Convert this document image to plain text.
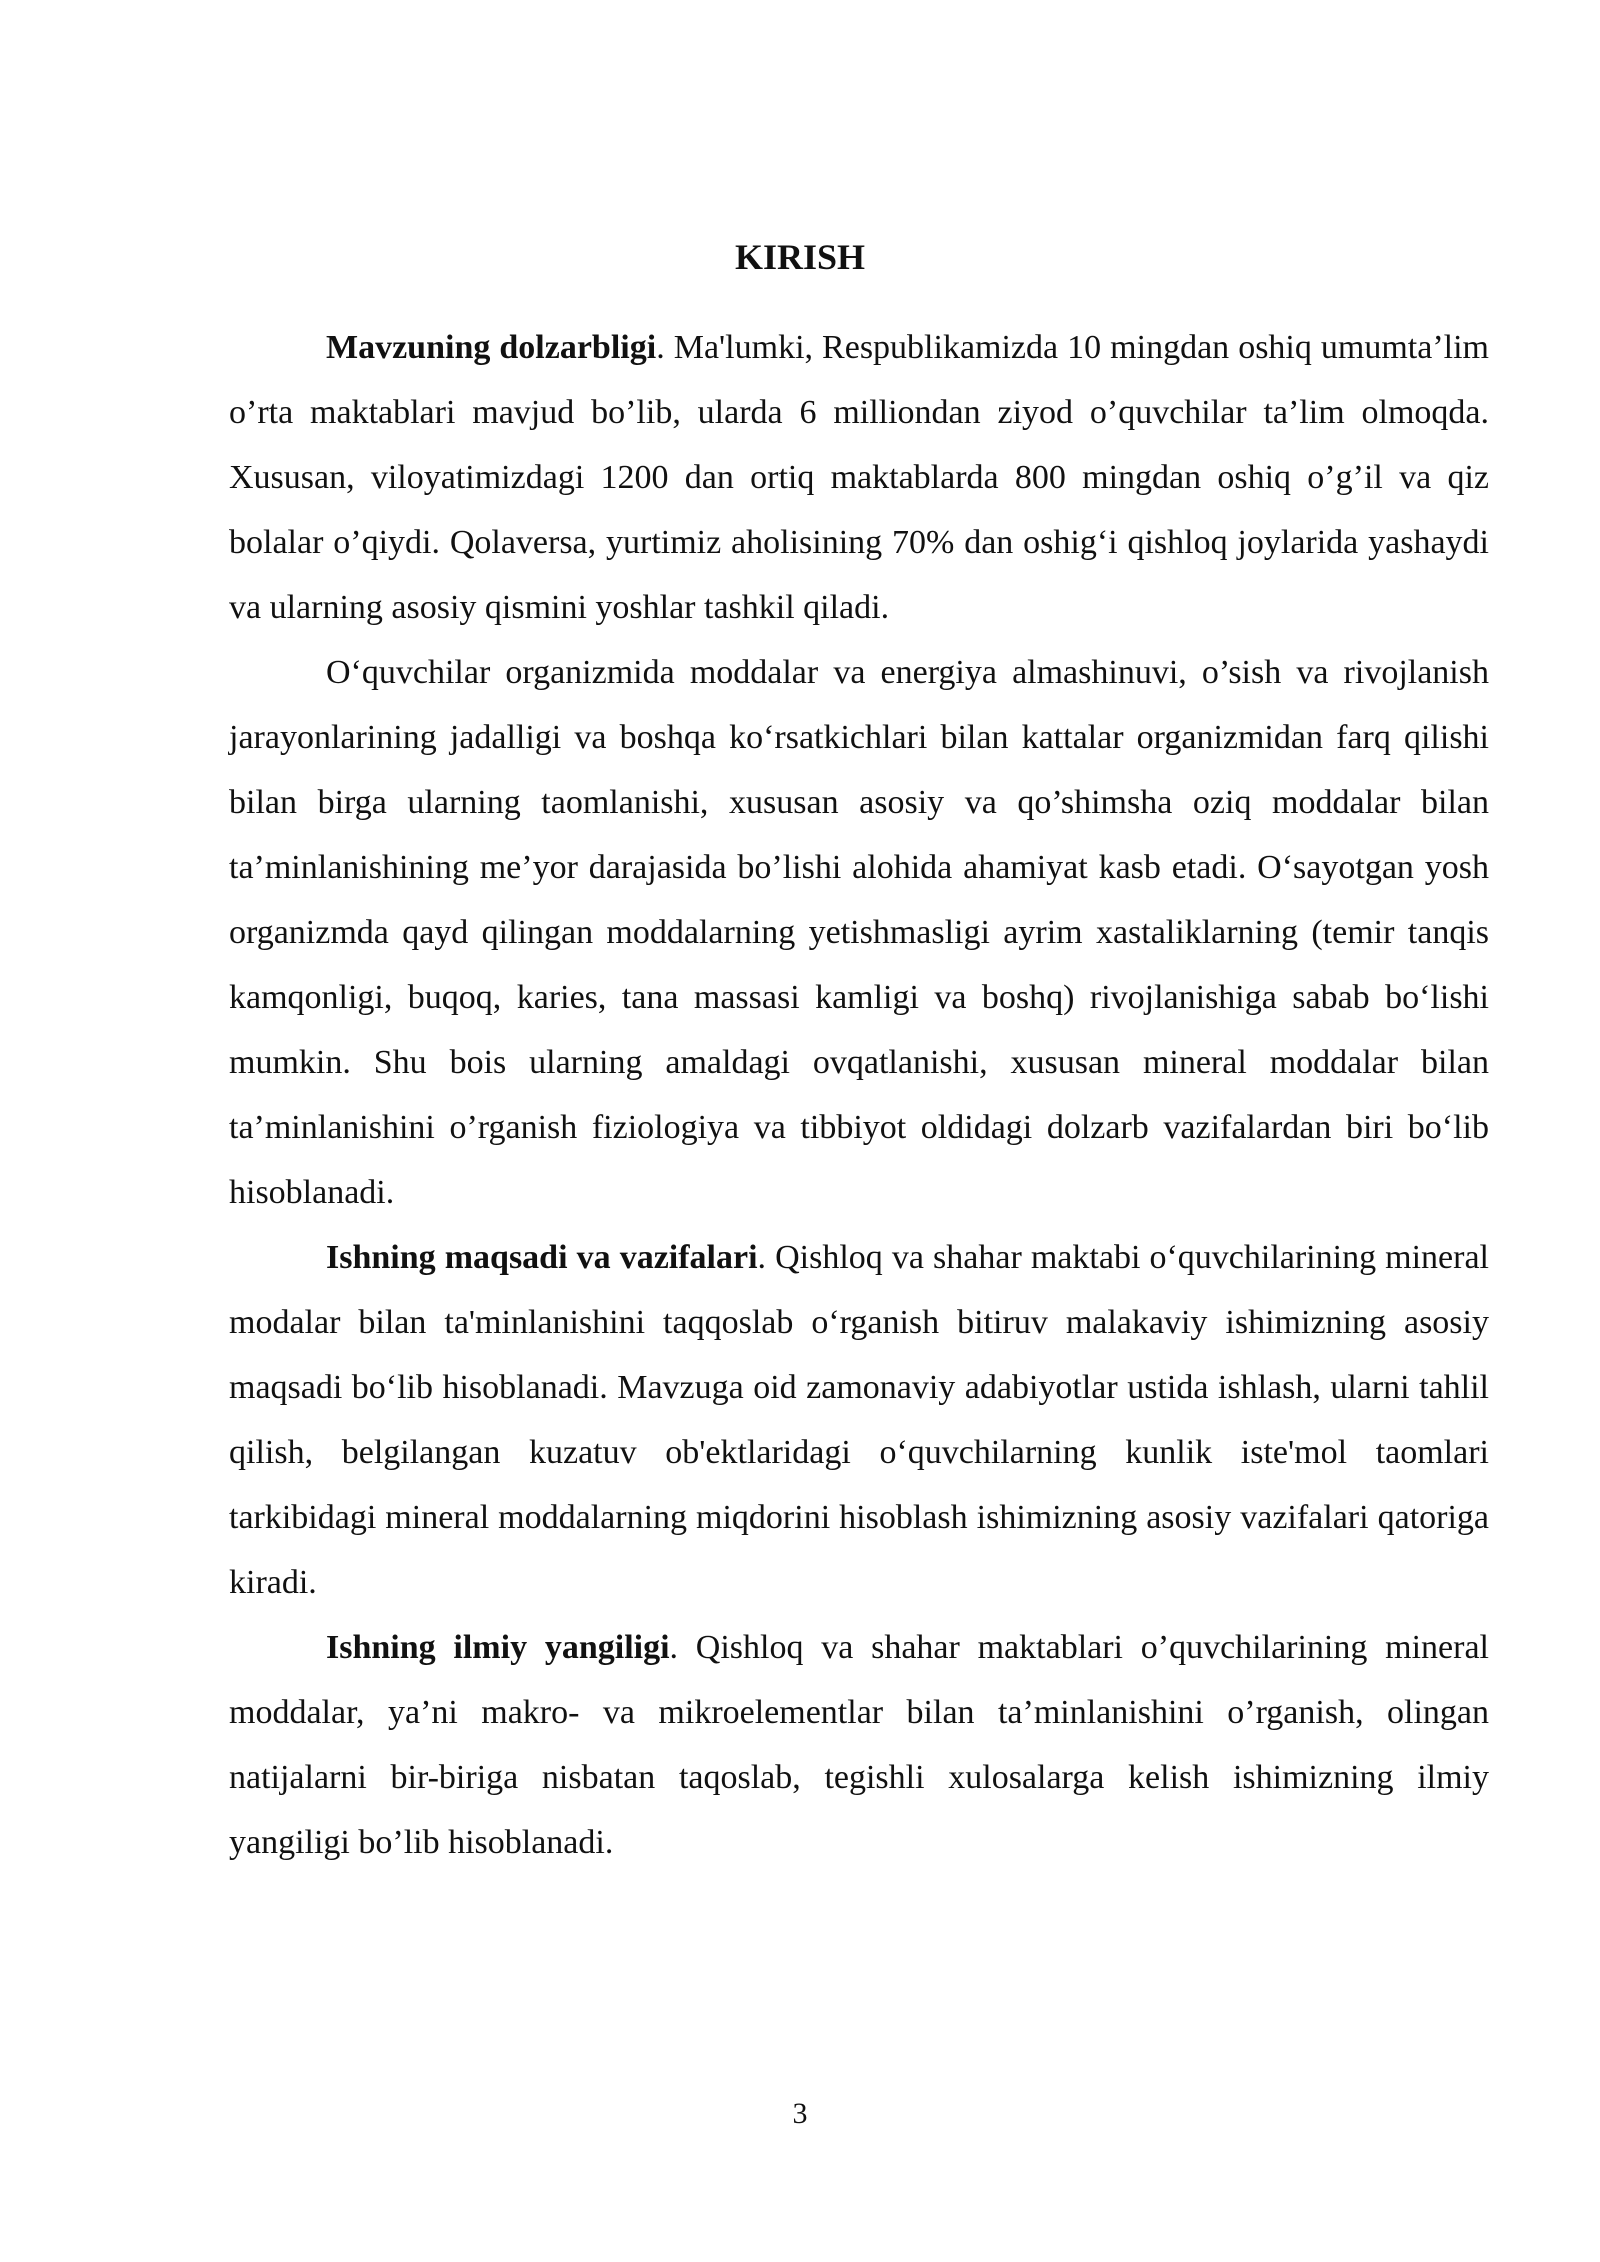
KIRISH

Mavzuning dolzarbligi. Ma'lumki, Respublikamizda 10 mingdan oshiq umumta’lim o’rta maktablari mavjud bo’lib, ularda 6 milliondan ziyod o’quvchilar ta’lim olmoqda. Xususan, viloyatimizdagi 1200 dan ortiq maktablarda 800 mingdan oshiq o’g’il va qiz bolalar o’qiydi. Qolaversa, yurtimiz aholisining 70% dan oshig‘i qishloq joylarida yashaydi va ularning asosiy qismini yoshlar tashkil qiladi.

O‘quvchilar organizmida moddalar va energiya almashinuvi, o’sish va rivojlanish jarayonlarining jadalligi va boshqa ko‘rsatkichlari bilan kattalar organizmidan farq qilishi bilan birga ularning taomlanishi, xususan asosiy va qo’shimsha oziq moddalar bilan ta’minlanishining me’yor darajasida bo’lishi alohida ahamiyat kasb etadi. O‘sayotgan yosh organizmda qayd qilingan moddalarning yetishmasligi ayrim xastaliklarning (temir tanqis kamqonligi, buqoq, karies, tana massasi kamligi va boshq) rivojlanishiga sabab bo‘lishi mumkin. Shu bois ularning amaldagi ovqatlanishi, xususan mineral moddalar bilan ta’minlanishini o’rganish fiziologiya va tibbiyot oldidagi dolzarb vazifalardan biri bo‘lib hisoblanadi.

Ishning maqsadi va vazifalari. Qishloq va shahar maktabi o‘quvchilarining mineral modalar bilan ta'minlanishini taqqoslab o‘rganish bitiruv malakaviy ishimizning asosiy maqsadi bo‘lib hisoblanadi. Mavzuga oid zamonaviy adabiyotlar ustida ishlash, ularni tahlil qilish, belgilangan kuzatuv ob'ektlaridagi o‘quvchilarning kunlik iste'mol taomlari tarkibidagi mineral moddalarning miqdorini hisoblash ishimizning asosiy vazifalari qatoriga kiradi.

Ishning ilmiy yangiligi. Qishloq va shahar maktablari o’quvchilarining mineral moddalar, ya’ni makro- va mikroelementlar bilan ta’minlanishini o’rganish, olingan natijalarni bir-biriga nisbatan taqoslab, tegishli xulosalarga kelish ishimizning ilmiy yangiligi bo’lib hisoblanadi.

3
